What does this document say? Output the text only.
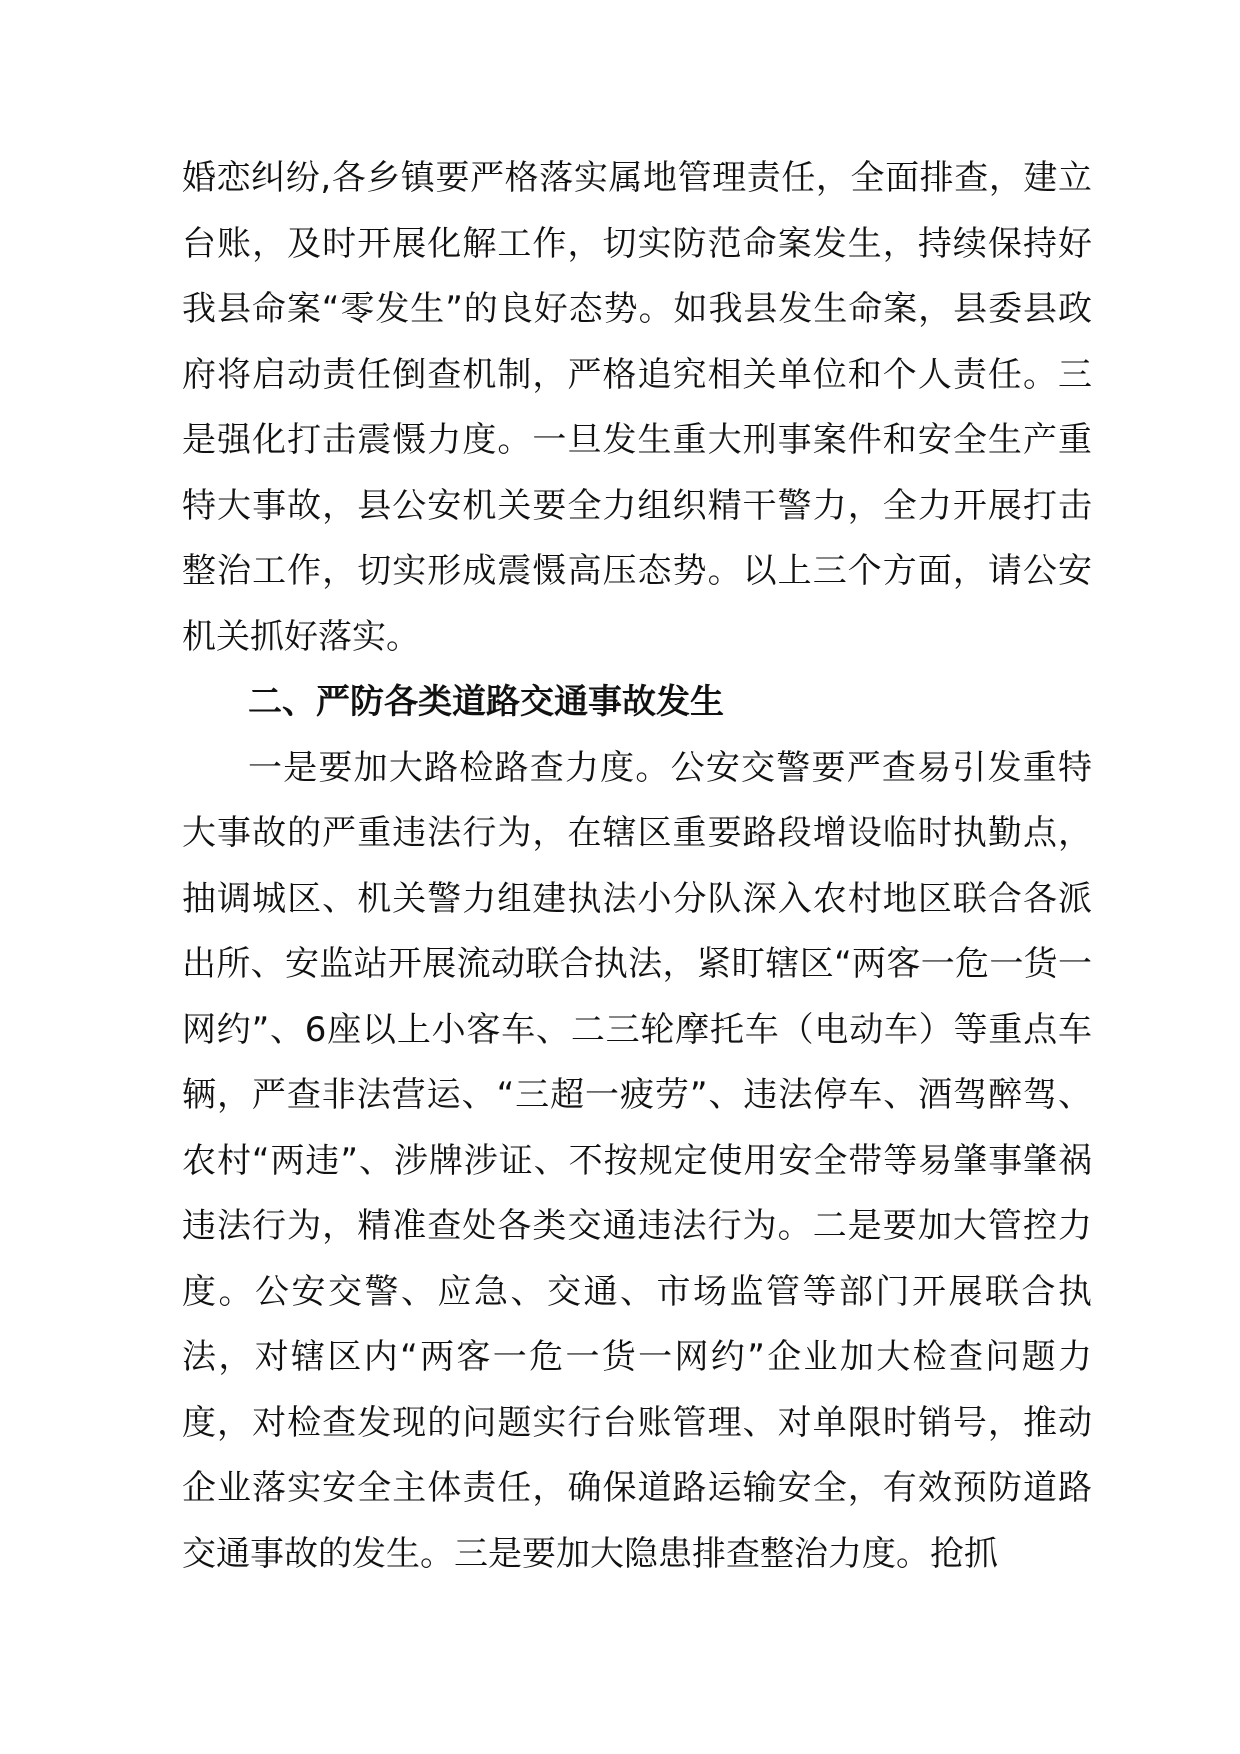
婚恋纠纷,各乡镇要严格落实属地管理责任，全面排查，建立台账，及时开展化解工作，切实防范命案发生，持续保持好我县命案“零发生”的良好态势。如我县发生命案，县委县政府将启动责任倒查机制，严格追究相关单位和个人责任。三是强化打击震慑力度。一旦发生重大刑事案件和安全生产重特大事故，县公安机关要全力组织精干警力，全力开展打击整治工作，切实形成震慑高压态势。以上三个方面，请公安机关抓好落实。

二、严防各类道路交通事故发生

一是要加大路检路查力度。公安交警要严查易引发重特大事故的严重违法行为，在辖区重要路段增设临时执勤点，抽调城区、机关警力组建执法小分队深入农村地区联合各派出所、安监站开展流动联合执法，紧盯辖区“两客一危一货一网约”、6座以上小客车、二三轮摩托车（电动车）等重点车辆，严查非法营运、“三超一疲劳”、违法停车、酒驾醉驾、农村“两违”、涉牌涉证、不按规定使用安全带等易肇事肇祸违法行为，精准查处各类交通违法行为。二是要加大管控力度。公安交警、应急、交通、市场监管等部门开展联合执法，对辖区内“两客一危一货一网约”企业加大检查问题力度，对检查发现的问题实行台账管理、对单限时销号，推动企业落实安全主体责任，确保道路运输安全，有效预防道路交通事故的发生。三是要加大隐患排查整治力度。抢抓
